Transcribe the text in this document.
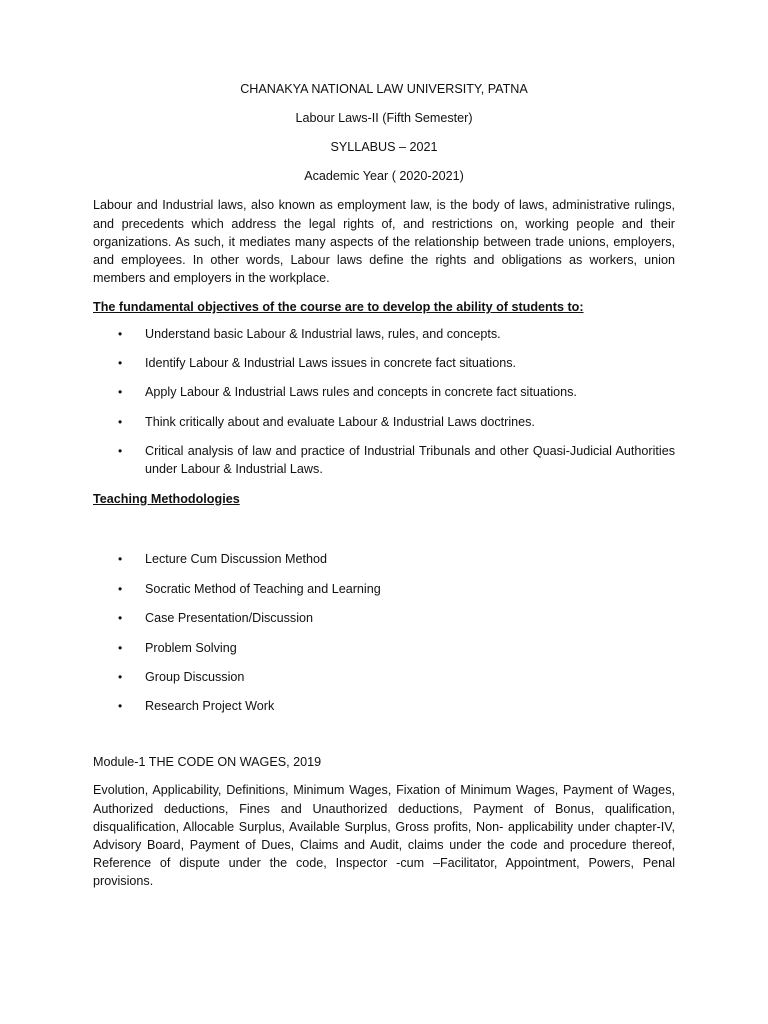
CHANAKYA NATIONAL LAW UNIVERSITY, PATNA
Labour Laws-II (Fifth Semester)
SYLLABUS – 2021
Academic Year ( 2020-2021)
Labour and Industrial laws, also known as employment law, is the body of laws, administrative rulings, and precedents which address the legal rights of, and restrictions on, working people and their organizations. As such, it mediates many aspects of the relationship between trade unions, employers, and employees. In other words, Labour laws define the rights and obligations as workers, union members and employers in the workplace.
The fundamental objectives of the course are to develop the ability of students to:
• Understand basic Labour & Industrial laws, rules, and concepts.
• Identify Labour & Industrial Laws issues in concrete fact situations.
• Apply Labour & Industrial Laws rules and concepts in concrete fact situations.
• Think critically about and evaluate Labour & Industrial Laws doctrines.
• Critical analysis of law and practice of Industrial Tribunals and other Quasi-Judicial Authorities under Labour & Industrial Laws.
Teaching Methodologies
• Lecture Cum Discussion Method
• Socratic Method of Teaching and Learning
• Case Presentation/Discussion
• Problem Solving
• Group Discussion
• Research Project Work
Module-1 THE CODE ON WAGES, 2019
Evolution, Applicability, Definitions, Minimum Wages, Fixation of Minimum Wages, Payment of Wages, Authorized deductions, Fines and Unauthorized deductions, Payment of Bonus, qualification, disqualification, Allocable Surplus, Available Surplus, Gross profits, Non- applicability under chapter-IV, Advisory Board, Payment of Dues, Claims and Audit, claims under the code and procedure thereof, Reference of dispute under the code, Inspector -cum –Facilitator, Appointment, Powers, Penal provisions.
